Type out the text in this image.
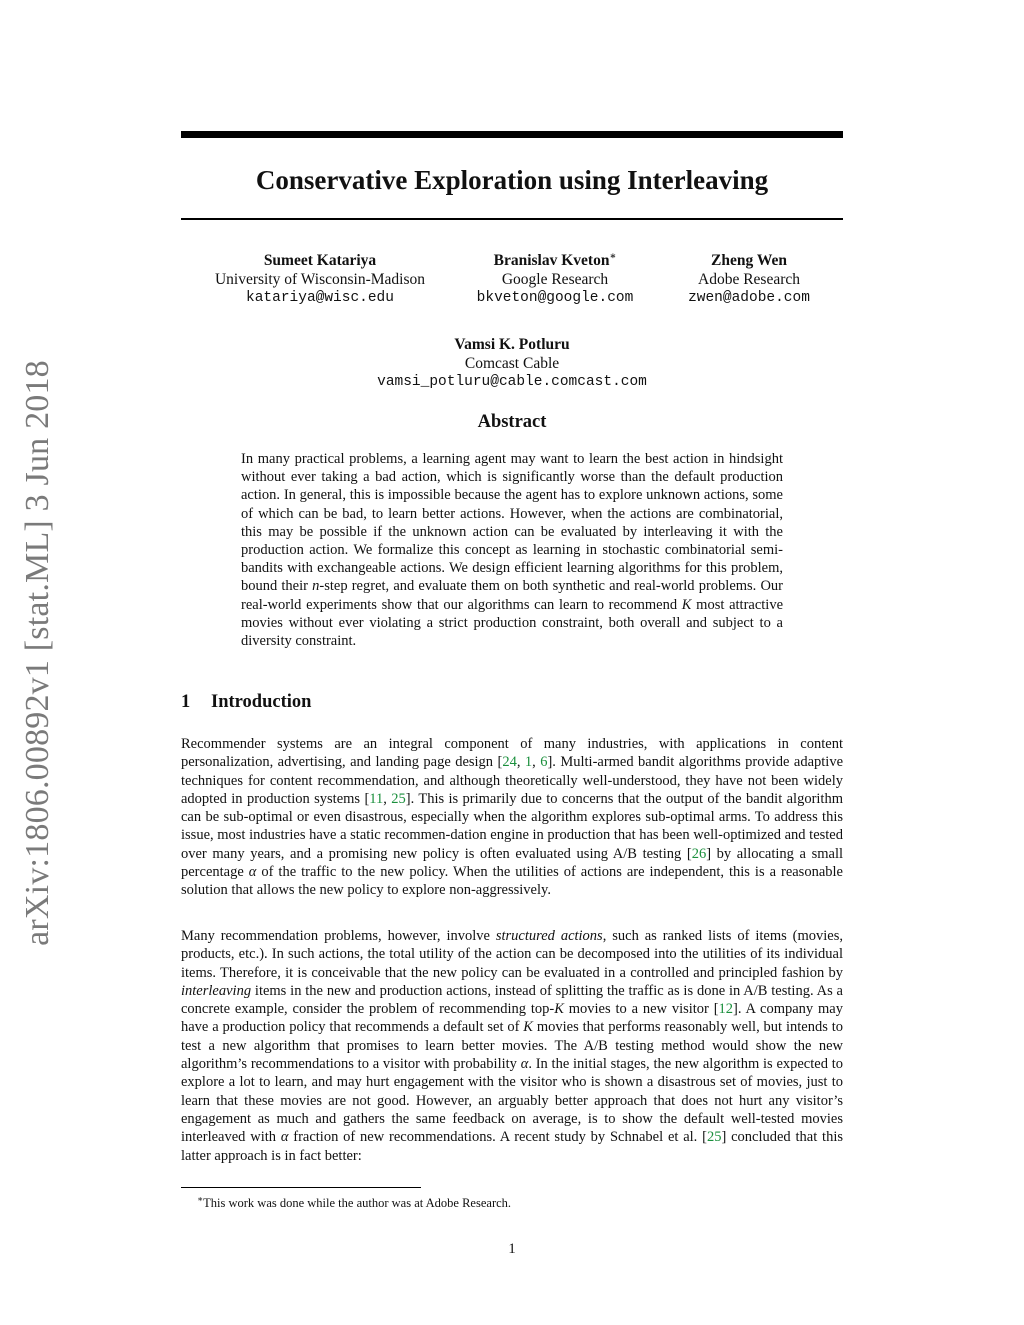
arXiv:1806.00892v1 [stat.ML] 3 Jun 2018
Conservative Exploration using Interleaving
Sumeet Katariya
University of Wisconsin-Madison
katariya@wisc.edu
Branislav Kveton∗
Google Research
bkveton@google.com
Zheng Wen
Adobe Research
zwen@adobe.com
Vamsi K. Potluru
Comcast Cable
vamsi_potluru@cable.comcast.com
Abstract

In many practical problems, a learning agent may want to learn the best action in hindsight without ever taking a bad action, which is significantly worse than the default production action. In general, this is impossible because the agent has to explore unknown actions, some of which can be bad, to learn better actions. However, when the actions are combinatorial, this may be possible if the unknown action can be evaluated by interleaving it with the production action. We formalize this concept as learning in stochastic combinatorial semi-bandits with exchangeable actions. We design efficient learning algorithms for this problem, bound their n-step regret, and evaluate them on both synthetic and real-world problems. Our real-world experiments show that our algorithms can learn to recommend K most attractive movies without ever violating a strict production constraint, both overall and subject to a diversity constraint.

1 Introduction

Recommender systems are an integral component of many industries, with applications in content personalization, advertising, and landing page design [24, 1, 6]. Multi-armed bandit algorithms provide adaptive techniques for content recommendation, and although theoretically well-understood, they have not been widely adopted in production systems [11, 25]. This is primarily due to concerns that the output of the bandit algorithm can be sub-optimal or even disastrous, especially when the algorithm explores sub-optimal arms. To address this issue, most industries have a static recommen-dation engine in production that has been well-optimized and tested over many years, and a promising new policy is often evaluated using A/B testing [26] by allocating a small percentage α of the traffic to the new policy. When the utilities of actions are independent, this is a reasonable solution that allows the new policy to explore non-aggressively.

Many recommendation problems, however, involve structured actions, such as ranked lists of items (movies, products, etc.). In such actions, the total utility of the action can be decomposed into the utilities of its individual items. Therefore, it is conceivable that the new policy can be evaluated in a controlled and principled fashion by interleaving items in the new and production actions, instead of splitting the traffic as is done in A/B testing. As a concrete example, consider the problem of recommending top-K movies to a new visitor [12]. A company may have a production policy that recommends a default set of K movies that performs reasonably well, but intends to test a new algorithm that promises to learn better movies. The A/B testing method would show the new algorithm’s recommendations to a visitor with probability α. In the initial stages, the new algorithm is expected to explore a lot to learn, and may hurt engagement with the visitor who is shown a disastrous set of movies, just to learn that these movies are not good. However, an arguably better approach that does not hurt any visitor’s engagement as much and gathers the same feedback on average, is to show the default well-tested movies interleaved with α fraction of new recommendations. A recent study by Schnabel et al. [25] concluded that this latter approach is in fact better:

∗This work was done while the author was at Adobe Research.
1
